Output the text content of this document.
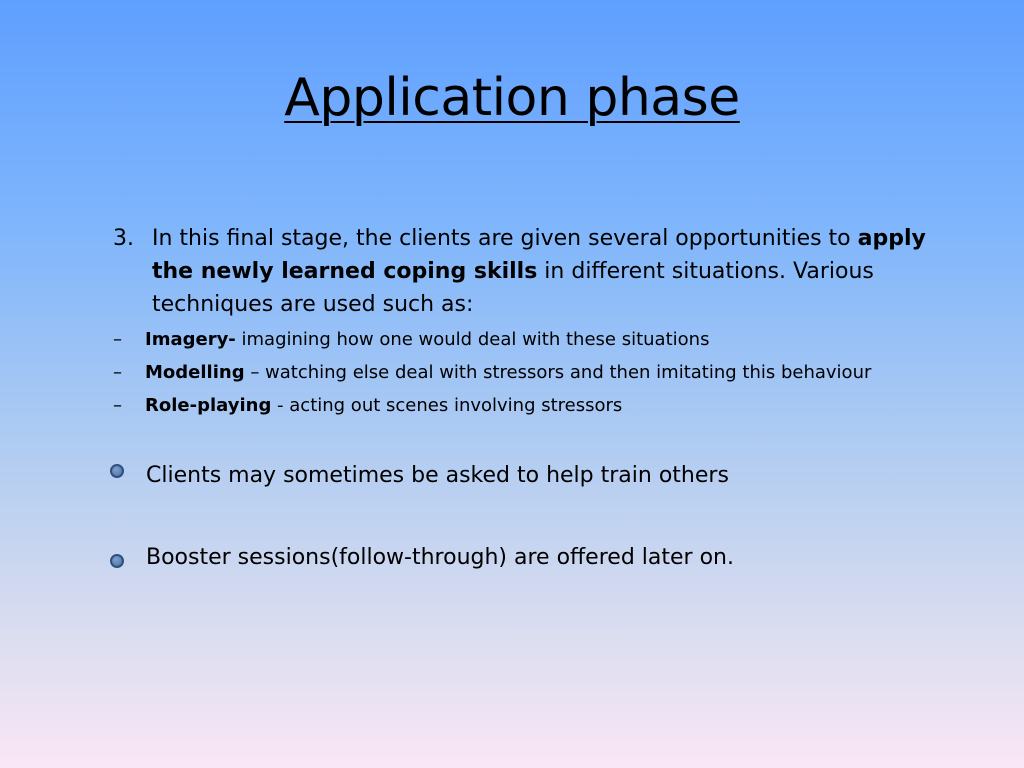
Application phase
3. In this final stage, the clients are given several opportunities to apply the newly learned coping skills in different situations. Various techniques are used such as:
– Imagery- imagining how one would deal with these situations
– Modelling – watching else deal with stressors and then imitating this behaviour
– Role-playing - acting out scenes involving stressors
Clients may sometimes be asked to help train others
Booster sessions(follow-through) are offered later on.
